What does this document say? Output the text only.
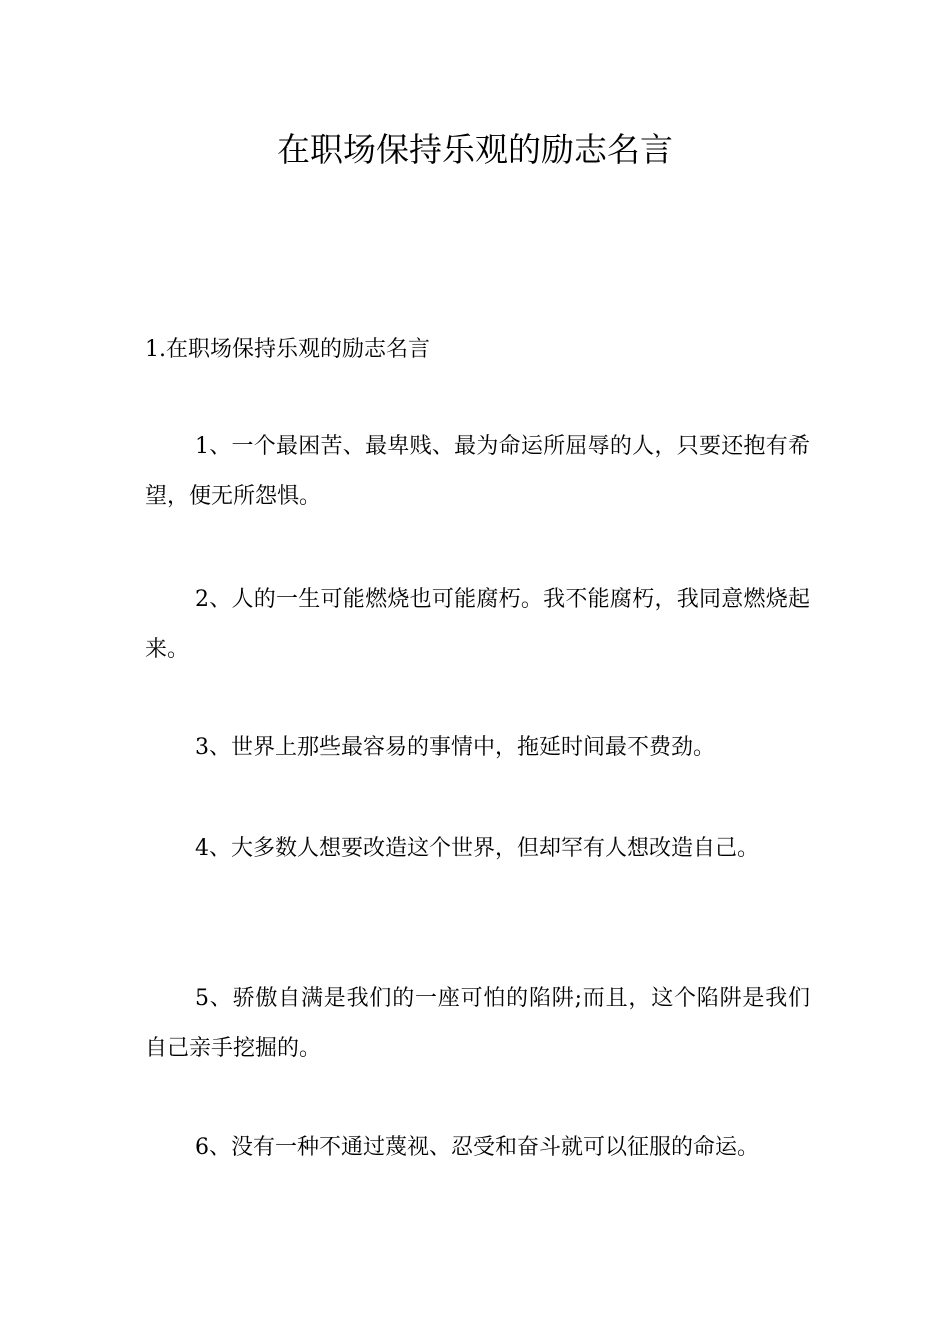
在职场保持乐观的励志名言

1.在职场保持乐观的励志名言

1、一个最困苦、最卑贱、最为命运所屈辱的人，只要还抱有希望，便无所怨惧。

2、人的一生可能燃烧也可能腐朽。我不能腐朽，我同意燃烧起来。

3、世界上那些最容易的事情中，拖延时间最不费劲。

4、大多数人想要改造这个世界，但却罕有人想改造自己。

5、骄傲自满是我们的一座可怕的陷阱;而且，这个陷阱是我们自己亲手挖掘的。

6、没有一种不通过蔑视、忍受和奋斗就可以征服的命运。
